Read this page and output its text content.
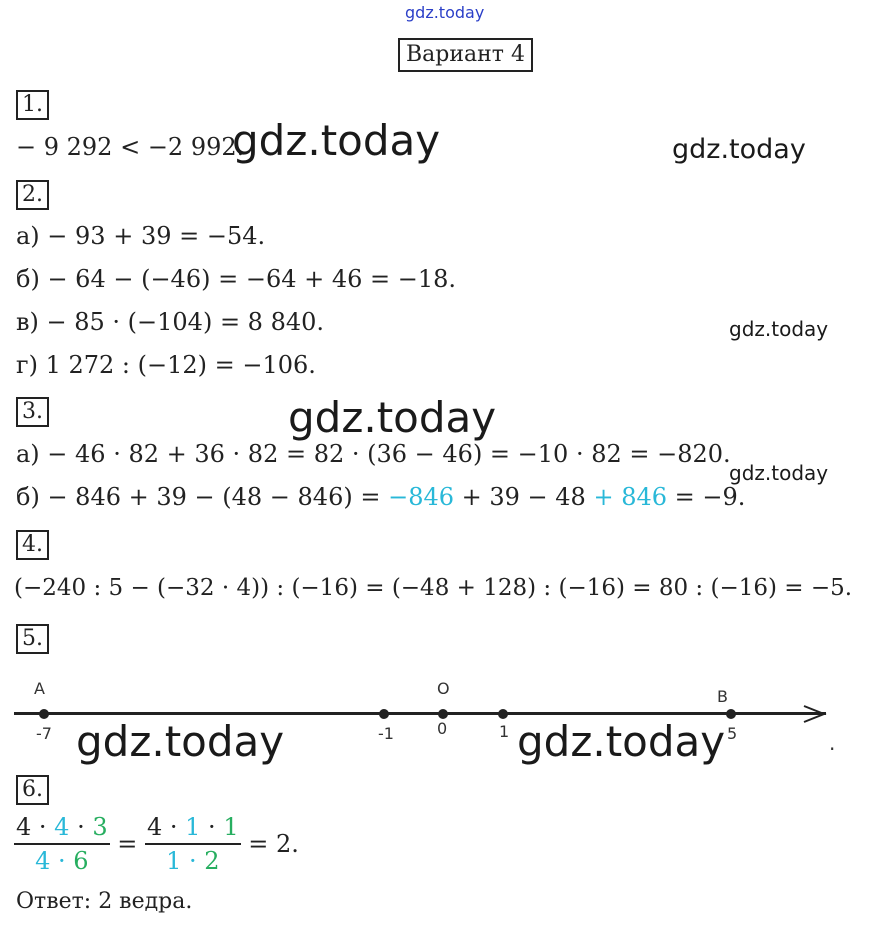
gdz.today
Вариант 4
1.
− 9 292 < −2 992.
gdz.today	gdz.today
2.
а) − 93 + 39 = −54.
б) − 64 − (−46) = −64 + 46 = −18.
в) − 85 · (−104) = 8 840.
г) 1 272 : (−12) = −106.
gdz.today
3.	gdz.today
а) − 46 · 82 + 36 · 82 = 82 · (36 − 46) = −10 · 82 = −820.
gdz.today
б) − 846 + 39 − (48 − 846) = −846 + 39 − 48 + 846 = −9.
4.
(−240 : 5 − (−32 · 4)) : (−16) = (−48 + 128) : (−16) = 80 : (−16) = −5.
5.
A	O	B
-7	-1	0	1	5	.
gdz.today	gdz.today
6.
$\frac{4 \cdot 4 \cdot 3}{4 \cdot 6} = \frac{4 \cdot 1 \cdot 1}{1 \cdot 2} = 2$.
Ответ: 2 ведра.
